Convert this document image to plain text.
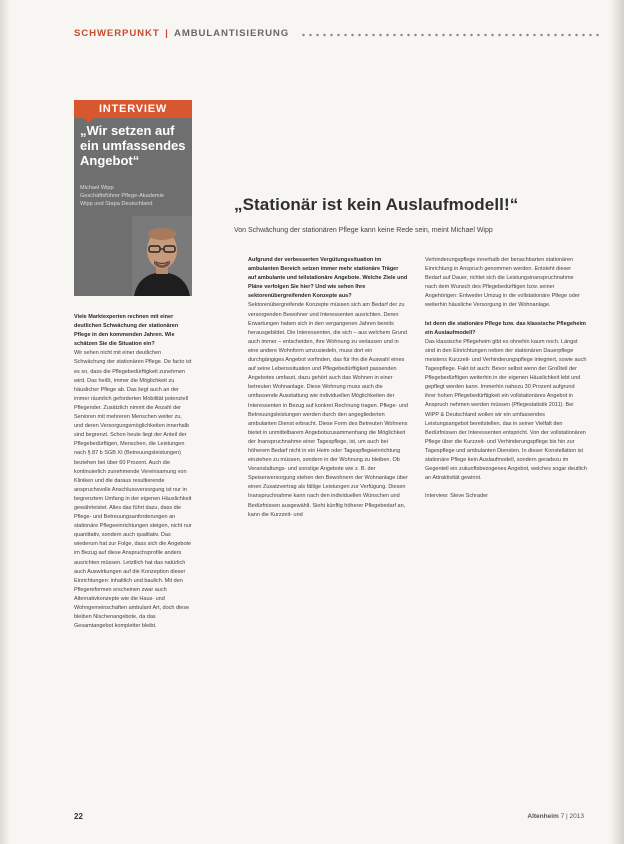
SCHWERPUNKT | AMBULANTISIERUNG
INTERVIEW
„Wir setzen auf ein umfassendes Angebot“
Michael Wipp
Geschäftsführer Pflege-Akademie
Wipp und Stapa Deutschland	„Stationär ist kein Auslaufmodell!“
Von Schwächung der stationären Pflege kann keine Rede sein, meint Michael Wipp

Viele Marktexperten rechnen mit einer deutlichen Schwächung der stationären Pflege in den kommenden Jahren. Wie schätzen Sie die Situation ein?

Wir sehen nicht mit einer deutlichen Schwächung der stationären Pflege. De facto ist es so, dass die Pflegebedürftigkeit zunehmen wird. Das heißt, immer die Möglichkeit zu häuslicher Pflege ab. Das liegt auch an der immer räumlich geforderten Mobilität potenziell Pflegender. Zusätzlich nimmt die Anzahl der Senioren mit mehreren Menschen weiter zu, und deren Versorgungsmöglichkeiten innerhalb sind begrenzt. Schon heute liegt der Anteil der Pflegebedürftigen, Menschen, die Leistungen nach § 87 b SGB XI (Betreuungsleistungen) beziehen bei über 60 Prozent. Auch die kontinuierlich zunehmende Vereinsamung von Kliniken und die daraus resultierende anspruchsvolle Anschlussversorgung ist nur in begrenztem Umfang in der eigenen Häuslichkeit gewährleistet. Alles das führt dazu, dass die Pflege- und Betreuungsanforderungen an stationäre Pflegeeinrichtungen steigen, nicht nur quantitativ, sondern auch qualitativ. Das wiederum hat zur Folge, dass sich die Angebote im Bezug auf diese Anspruchsprofile anders ausrichten müssen. Letztlich hat das natürlich auch Auswirkungen auf die Konzeption dieser Einrichtungen: inhaltlich und baulich. Mit den Pflegereformen erscheinen zwar auch Alternativkonzepte wie die Haus- und Wohngemeinschaften ambulant Art, doch diese bleiben Nischenangebote, da das Gesamtangebot kompletter bleibt.

Aufgrund der verbesserten Vergütungssituation im ambulanten Bereich setzen immer mehr stationäre Träger auf ambulante und teilstationäre Angebote. Welche Ziele und Pläne verfolgen Sie hier? Und wie sehen Ihre sektorenübergreifenden Konzepte aus?

Sektorenübergreifende Konzepte müssen sich am Bedarf der zu versorgenden Bewohner und Interessenten ausrichten. Deren Erwartungen haben sich in den vergangenen Jahren bereits herausgebildet. Die Interessenten, die sich – aus welchem Grund auch immer – entscheiden, ihre Wohnung zu verlassen und in eine andere Wohnform umzusiedeln, muss dort ein durchgängiges Angebot vorfinden, das für ihn die Auswahl eines auf seine Lebenssituation und Pflegebedürftigkeit passenden Angebotes umfasst, dazu gehört auch das Wohnen in einer betreuten Wohnanlage. Diese Wohnung muss auch die umfassende Ausstattung wie individuellen Möglichkeiten der Interessenten in Bezug auf konkret Rechnung tragen. Pflege- und Betreuungsleistungen werden durch den angegliederten ambulanten Dienst erbracht. Diese Form des Betreuten Wohnens bietet in unmittelbarem Angebotszusammenhang die Möglichkeit der Inanspruchnahme einer Tagespflege, ist, um auch bei höherem Bedarf nicht in ein Heim oder Tagespflegeeinrichtung einziehen zu müssen, sondern in der Wohnung zu bleiben. Ob Veranstaltungs- und sonstige Angebote wie z. B. der Speisenversorgung stehen den Bewohnern der Wohnanlage über einen Zusatzvertrag als fällige Leistungen zur Verfügung. Diesen Inanspruchnahme kann nach den individuellen Wünschen und Bedürfnissen ausgewählt. Sieht künftig höherer Pflegebedarf an, kann die Kurzzeit- und

Verhinderungspflege innerhalb der benachbarten stationären Einrichtung in Anspruch genommen werden. Entsteht dieser Bedarf auf Dauer, richtet sich die Leistungsinanspruchnahme nach dem Wunsch des Pflegebedürftigen bzw. seiner Angehörigen: Entweder Umzug in die vollstationäre Pflege oder weiterhin häusliche Versorgung in der Wohnanlage.

Ist denn die stationäre Pflege bzw. das klassische Pflegeheim ein Auslaufmodell?

Das klassische Pflegeheim gibt es ohnehin kaum noch. Längst sind in den Einrichtungen neben der stationären Dauerpflege meistens Kurzzeit- und Verhinderungspflege integriert, sowie auch Tagespflege. Fakt ist auch: Bevor selbst wenn der Großteil der Pflegebedürftigen weiterhin in der eigenen Häuslichkeit lebt und gepflegt werden kann. Immerhin nahezu 30 Prozent aufgrund ihrer hohen Pflegebedürftigkeit ein vollstationäres Angebot in Anspruch nehmen werden müssen (Pflegestatistik 2011). Bei WIPP & Deutschland wollen wir ein umfassendes Leistungsangebot bereitstellen, das in seiner Vielfalt den Bedürfnissen der Interessenten entspricht. Von der vollstationären Pflege über die Kurzzeit- und Verhinderungspflege bis hin zur Tagespflege und ambulanten Diensten. In dieser Konstellation ist stationäre Pflege kein Auslaufmodell, sondern geradezu im Gegenteil ein zukunftsbezogenes Angebot, welches sogar deutlich an Attraktivität gewinnt.

Interview: Steve Schrader

22	Altenheim 7 | 2013
